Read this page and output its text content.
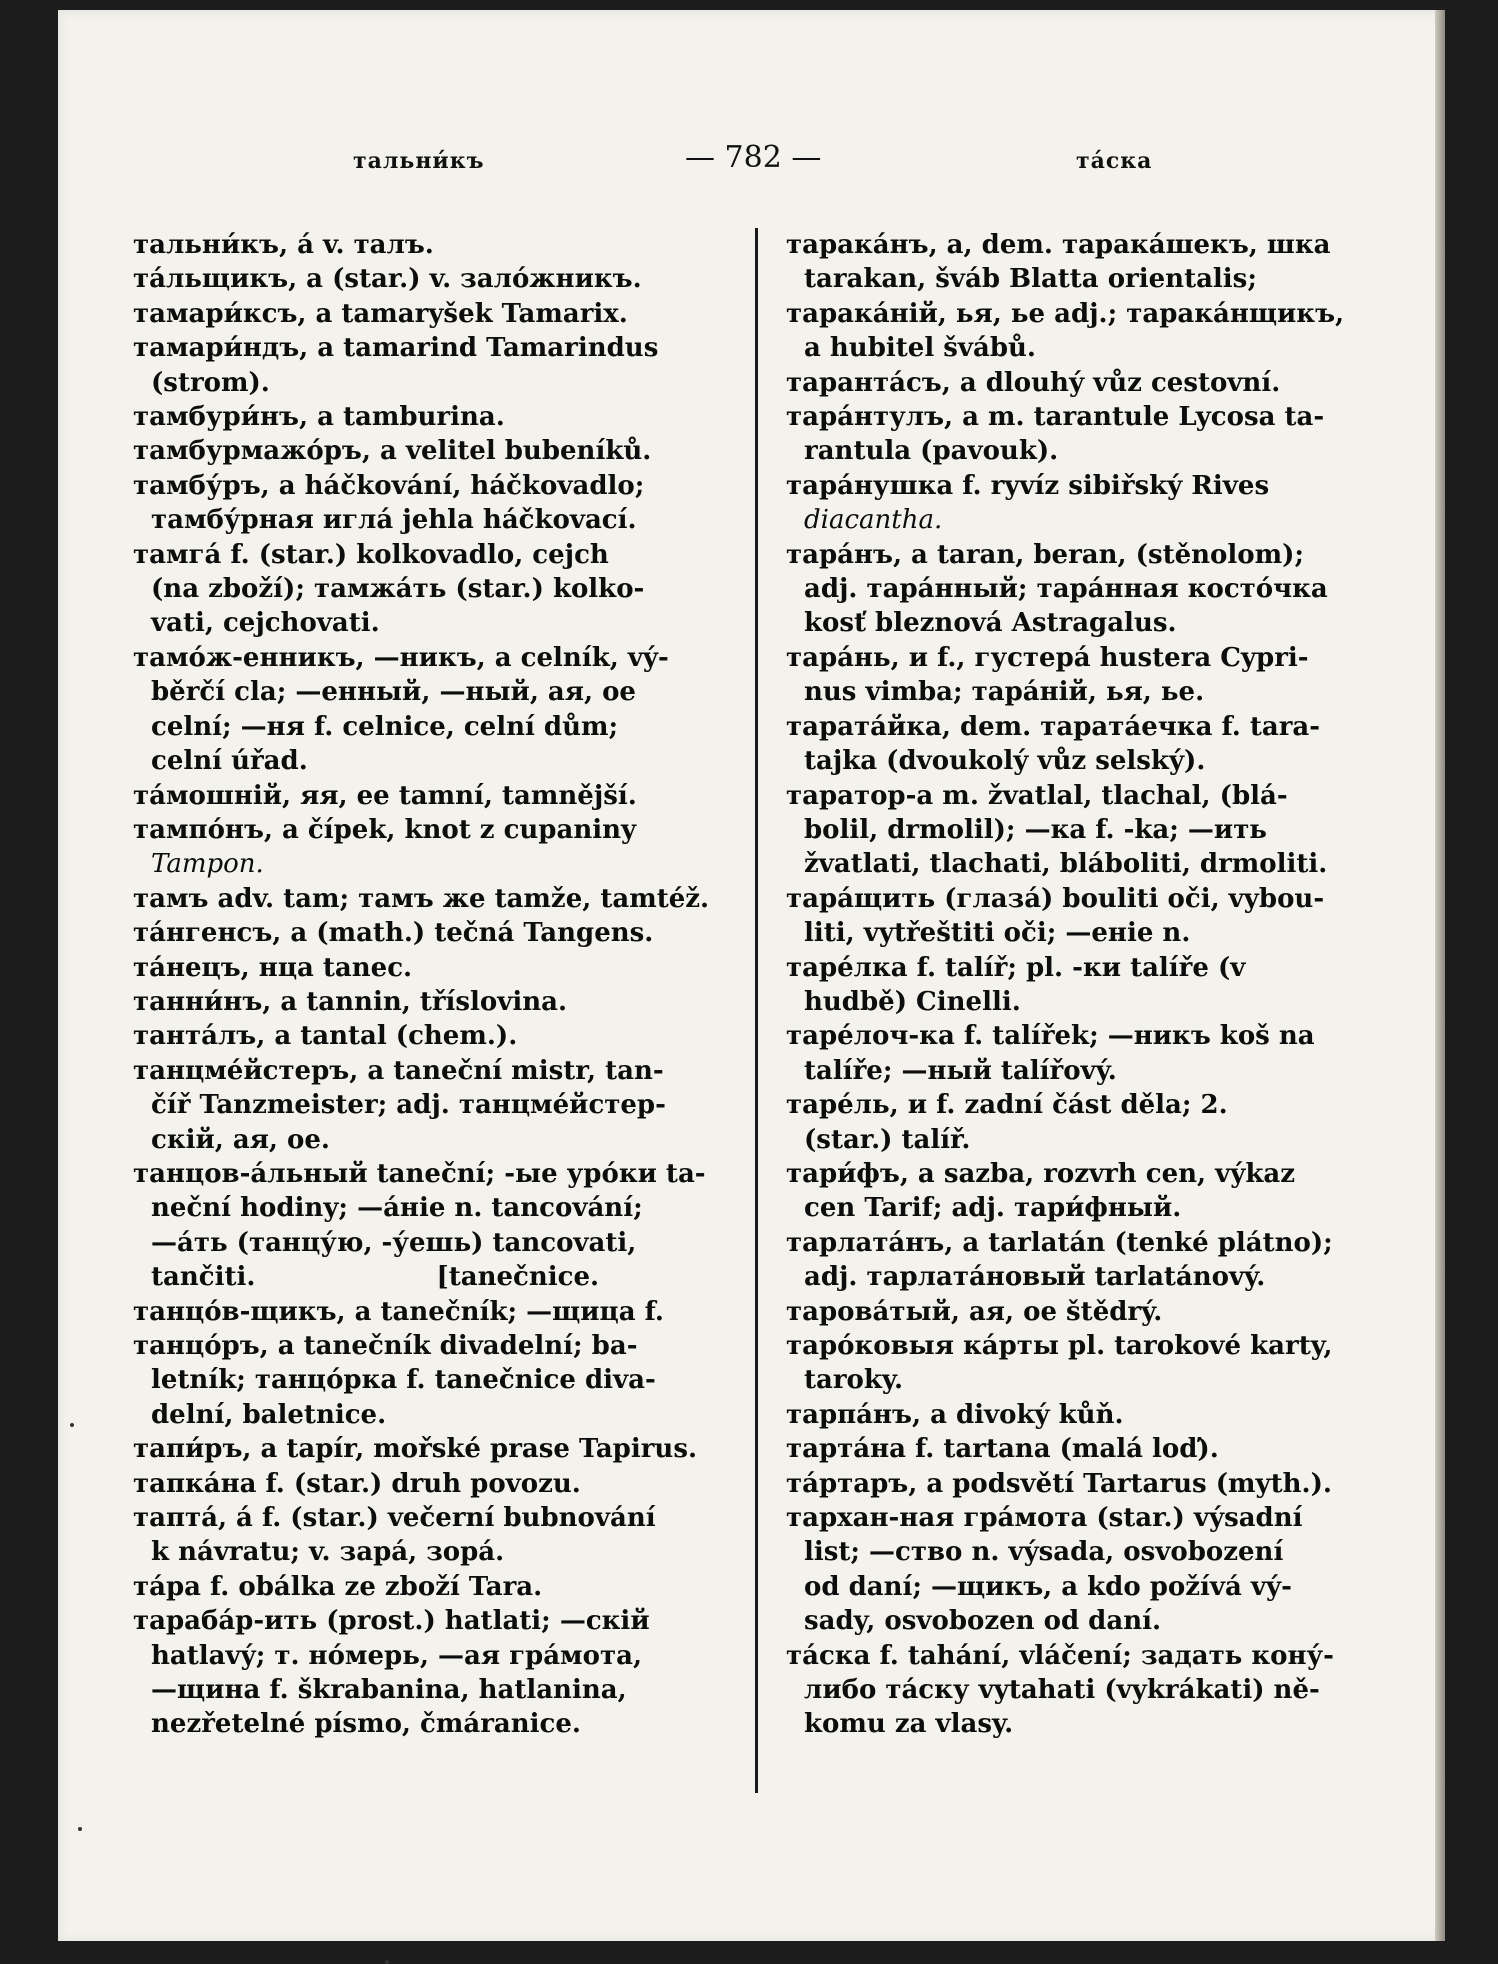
тальни́къ	— 782 —	та́ска
тальни́къ, á v. талъ.
та́льщикъ, а (star.) v. зало́жникъ.
тамари́ксъ, а tamaryšek Tamarix.
тамари́ндъ, а tamarind Tamarindus
(strom).
тамбури́нъ, а tamburina.
тамбурмажо́ръ, а velitel bubeníků.
тамбу́ръ, а háčkování, háčkovadlo;
тамбу́рная игла́ jehla háčkovací.
тамга́ f. (star.) kolkovadlo, cejch
(na zboží); тамжа́ть (star.) kolko-
vati, cejchovati.
тамо́ж-енникъ, —никъ, а celník, vý-
běrčí cla; —енный, —ный, ая, ое
celní; —ня f. celnice, celní dům;
celní úřad.
та́мошній, яя, ее tamní, tamnější.
тампо́нъ, а čípek, knot z cupaniny
Tampon.
тамъ adv. tam; тамъ же tamže, tamtéž.
та́нгенсъ, а (math.) tečná Tangens.
та́нецъ, нца tanec.
танни́нъ, а tannin, tříslovina.
танта́лъ, а tantal (chem.).
танцме́йстеръ, а taneční mistr, tan-
číř Tanzmeister; adj. танцме́йстер-
скій, ая, ое.
танцов-а́льный taneční; -ые уро́ки ta-
neční hodiny; —а́ніе n. tancování;
—а́ть (танцу́ю, -у́ешь) tancovati,
tančiti.                    [tanečnice.
танцо́в-щикъ, а tanečník; —щица f.
танцо́ръ, а tanečník divadelní; ba-
letník; танцо́рка f. tanečnice diva-
delní, baletnice.
тапи́ръ, а tapír, mořské prase Tapirus.
тапка́на f. (star.) druh povozu.
тапта́, á f. (star.) večerní bubnování
k návratu; v. зара́, зора́.
та́ра f. obálka ze zboží Tara.
тараба́р-ить (prost.) hatlati; —скій
hatlavý; т. но́мерь, —ая гра́мота,
—щина f. škrabanina, hatlanina,
nezřetelné písmo, čmáranice.
тарака́нъ, а, dem. тарака́шекъ, шка
tarakan, šváb Blatta orientalis;
тарака́ній, ья, ье adj.; тарака́нщикъ,
a hubitel švábů.
таранта́съ, а dlouhý vůz cestovní.
тара́нтулъ, а m. tarantule Lycosa ta-
rantula (pavouk).
тара́нушка f. ryvíz sibiřský Rives
diacantha.
тара́нъ, а taran, beran, (stěnolom);
adj. тара́нный; тара́нная косто́чка
kosť bleznová Astragalus.
тара́нь, и f., густера́ hustera Cypri-
nus vimba; тара́ній, ья, ье.
тарата́йка, dem. тарата́ечка f. tara-
tajka (dvoukolý vůz selský).
таратор-а m. žvatlal, tlachal, (blá-
bolil, drmolil); —ка f. -ka; —ить
žvatlati, tlachati, bláboliti, drmoliti.
тара́щить (глаза́) bouliti oči, vybou-
liti, vytřeštiti oči; —еніе n.
таре́лка f. talíř; pl. -ки talíře (v
hudbě) Cinelli.
таре́лоч-ка f. talířek; —никъ koš na
talíře; —ный talířový.
таре́ль, и f. zadní část děla; 2.
(star.) talíř.
тари́фъ, а sazba, rozvrh cen, výkaz
cen Tarif; adj. тари́фный.
тарлата́нъ, а tarlatán (tenké plátno);
adj. тарлата́новый tarlatánový.
тарова́тый, ая, ое štědrý.
таро́ковыя ка́рты pl. tarokové karty,
taroky.
тарпа́нъ, а divoký kůň.
тарта́на f. tartana (malá loď).
та́ртаръ, а podsvětí Tartarus (myth.).
тархан-ная гра́мота (star.) výsadní
list; —ство n. výsada, osvobození
od daní; —щикъ, а kdo požívá vý-
sady, osvobozen od daní.
та́ска f. tahání, vláčení; задать кону́-
либо та́ску vytahati (vykrákati) ně-
komu za vlasy.
